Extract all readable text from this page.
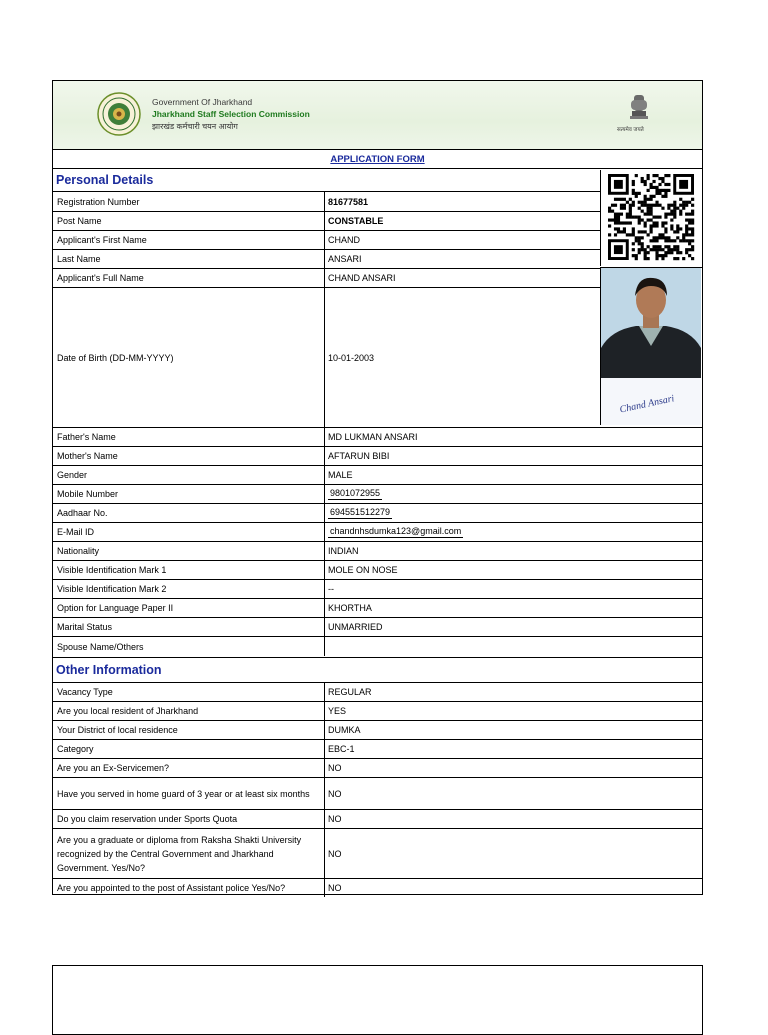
Government Of Jharkhand
Jharkhand Staff Selection Commission
झारखंड कर्मचारी चयन आयोग	सत्यमेव जयते
APPLICATION FORM
Personal Details
Registration Number	81677581
Post Name	CONSTABLE
Applicant's First Name	CHAND
Last Name	ANSARI
Applicant's Full Name	CHAND ANSARI
Date of Birth (DD-MM-YYYY)	10-01-2003
Father's Name	MD LUKMAN ANSARI
Mother's Name	AFTARUN BIBI
Gender	MALE
Mobile Number	9801072955
Aadhaar No.	694551512279
E-Mail ID	chandnhsdumka123@gmail.com
Nationality	INDIAN
Visible Identification Mark 1	MOLE ON NOSE
Visible Identification Mark 2	--
Option for Language Paper II	KHORTHA
Marital Status	UNMARRIED
Spouse Name/Others
Chand Ansari
Other Information
Vacancy Type	REGULAR
Are you local resident of Jharkhand	YES
Your District of local residence	DUMKA
Category	EBC-1
Are you an Ex-Servicemen?	NO
Have you served in home guard of 3 year or at least six months	NO
Do you claim reservation under Sports Quota	NO
Are you a graduate or diploma from Raksha Shakti University recognized by the Central Government and Jharkhand Government. Yes/No?
NO
Are you appointed to the post of Assistant police Yes/No?	NO
